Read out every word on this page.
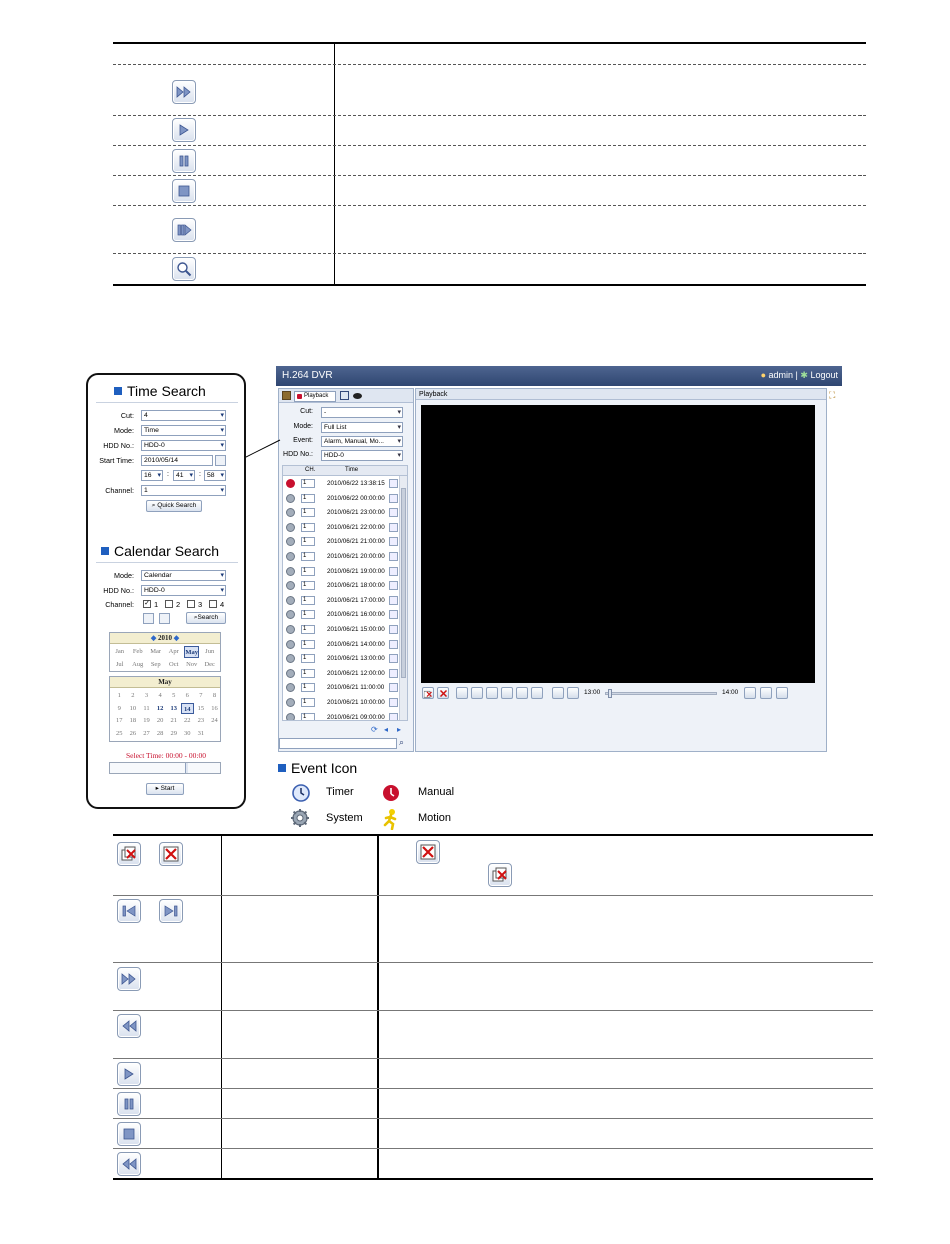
.
.
.
H.264 DVR	● admin | ✱ Logout
Playback
Cut:	- ▾
Mode:	Full List ▾
Event:	Alarm, Manual, Mo... ▾
HDD No.:	HDD-0 ▾
CH.	Time
1	2010/06/22 13:38:15
1	2010/06/22 00:00:00
1	2010/06/21 23:00:00
1	2010/06/21 22:00:00
1	2010/06/21 21:00:00
1	2010/06/21 20:00:00
1	2010/06/21 19:00:00
1	2010/06/21 18:00:00
1	2010/06/21 17:00:00
1	2010/06/21 16:00:00
1	2010/06/21 15:00:00
1	2010/06/21 14:00:00
1	2010/06/21 13:00:00
1	2010/06/21 12:00:00
1	2010/06/21 11:00:00
1	2010/06/21 10:00:00
1	2010/06/21 09:00:00
⟳ ◂ ▸
⌕
Playback
13:00	14:00
⛶
Event Icon
Timer	Manual
System	Motion
Time Search
Cut:	4 ▾
Mode:	Time ▾
HDD No.:	HDD-0 ▾
Start Time:	2010/05/14
16 ▾	:	41 ▾	: 58 ▾
Channel:	1 ▾
⌕ Quick Search
Calendar Search
Mode:	Calendar ▾
HDD No.:	HDD-0 ▾
Channel: ✓ 1 2 3 4
⌕Search
◆ 2010 ◆
Jan	Feb	Mar	Apr	May	Jun
Jul	Aug	Sep	Oct	Nov	Dec
May
1	2	3	4	5	6	7	8
9	10	11	12	13	14	15	16
17	18	19	20	21	22	23	24
25	26	27	28	29	30	31
Select Time: 00:00 - 00:00
▸ Start
